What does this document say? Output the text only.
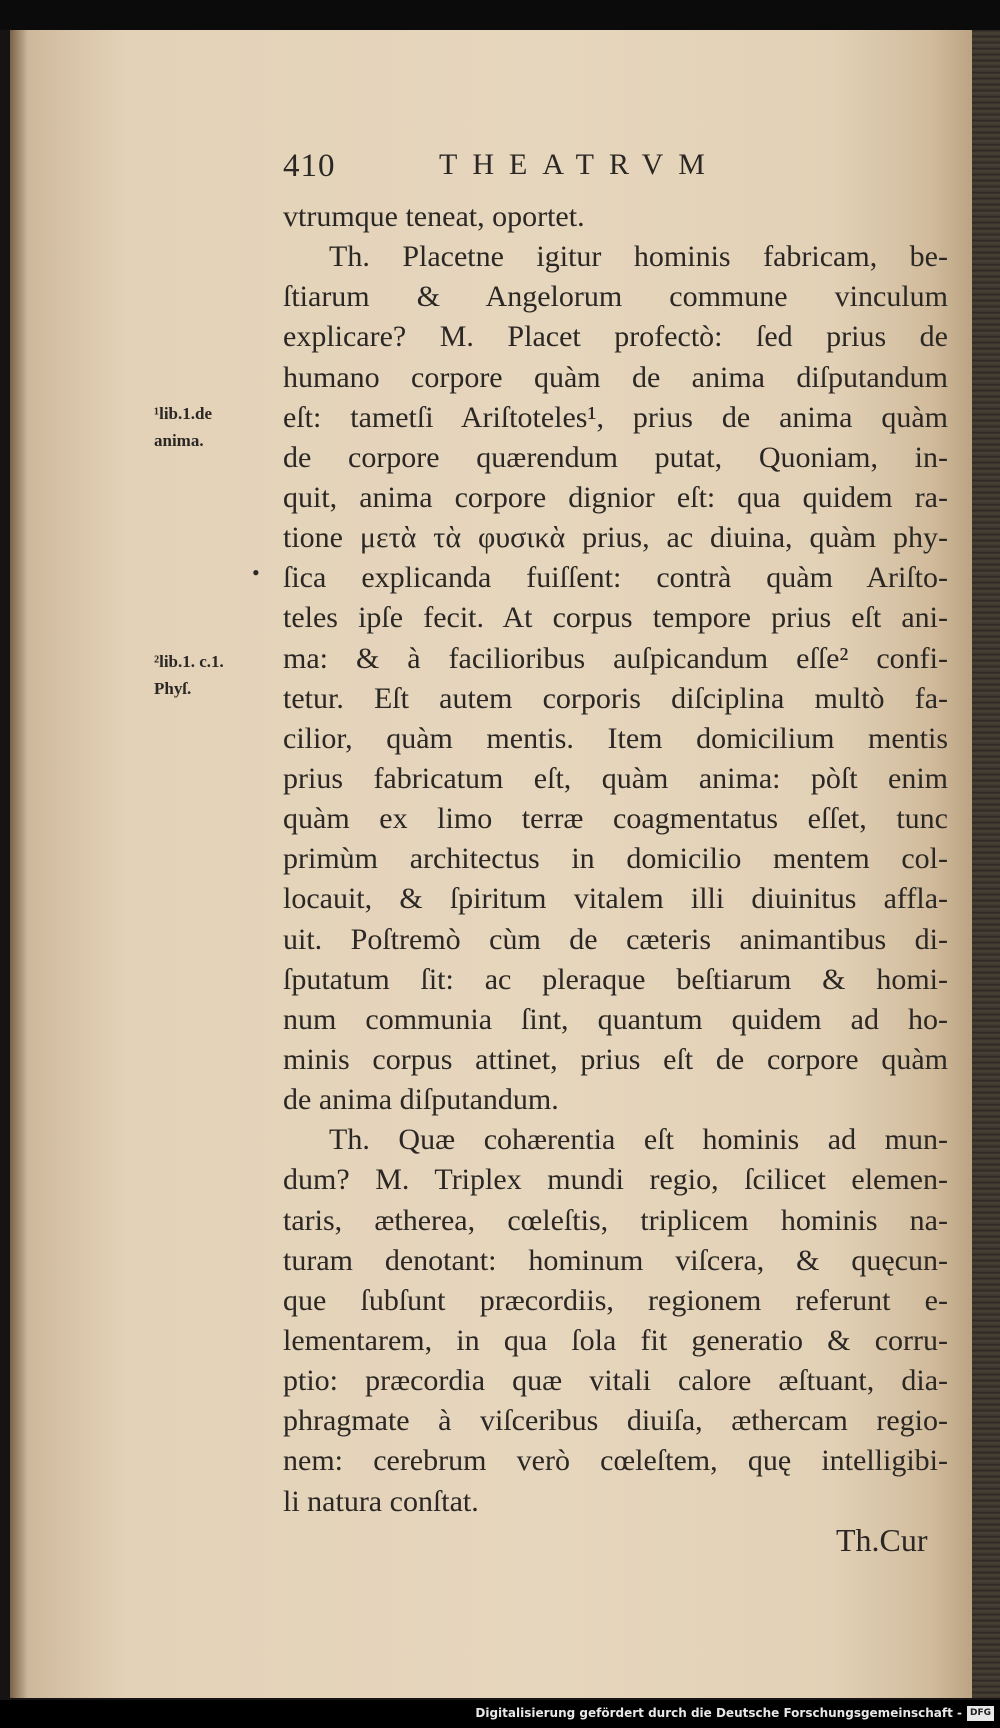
410	THEATRVM
¹lib.1.de
anima.
²lib.1. c.1.
Phyſ.
•
vtrumque teneat, oportet.
Th. Placetne igitur hominis fabricam, be-
ſtiarum & Angelorum commune vinculum
explicare? M. Placet profectò: ſed prius de
humano corpore quàm de anima diſputandum
eſt: tametſi Ariſtoteles¹, prius de anima quàm
de corpore quærendum putat, Quoniam, in-
quit, anima corpore dignior eſt: qua quidem ra-
tione μετὰ τὰ φυσικὰ prius, ac diuina, quàm phy-
ſica explicanda fuiſſent: contrà quàm Ariſto-
teles ipſe fecit. At corpus tempore prius eſt ani-
ma: & à facilioribus auſpicandum eſſe² confi-
tetur. Eſt autem corporis diſciplina multò fa-
cilior, quàm mentis. Item domicilium mentis
prius fabricatum eſt, quàm anima: pòſt enim
quàm ex limo terræ coagmentatus eſſet, tunc
primùm architectus in domicilio mentem col-
locauit, & ſpiritum vitalem illi diuinitus affla-
uit. Poſtremò cùm de cæteris animantibus di-
ſputatum ſit: ac pleraque beſtiarum & homi-
num communia ſint, quantum quidem ad ho-
minis corpus attinet, prius eſt de corpore quàm
de anima diſputandum.
Th. Quæ cohærentia eſt hominis ad mun-
dum? M. Triplex mundi regio, ſcilicet elemen-
taris, ætherea, cœleſtis, triplicem hominis na-
turam denotant: hominum viſcera, & quęcun-
que ſubſunt præcordiis, regionem referunt e-
lementarem, in qua ſola fit generatio & corru-
ptio: præcordia quæ vitali calore æſtuant, dia-
phragmate à viſceribus diuiſa, æthercam regio-
nem: cerebrum verò cœleſtem, quę intelligibi-
li natura conſtat.
Th.Cur
Digitalisierung gefördert durch die Deutsche Forschungsgemeinschaft - DFG
